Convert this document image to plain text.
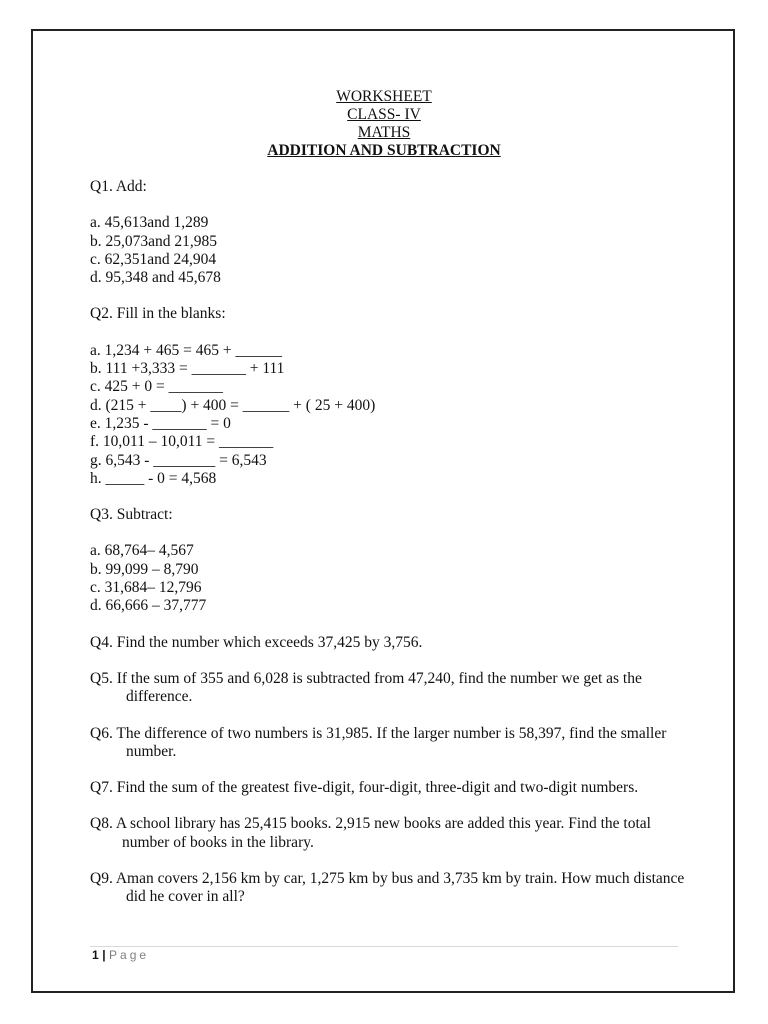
WORKSHEET
CLASS- IV
MATHS
ADDITION AND SUBTRACTION
Q1. Add:
a. 45,613and 1,289
b. 25,073and 21,985
c. 62,351and 24,904
d. 95,348 and 45,678
Q2. Fill in the blanks:
a. 1,234 + 465 = 465 + ______
b. 111 +3,333 = _______ + 111
c. 425 + 0 = _______
d. (215 + ____) + 400 = ______ + ( 25 + 400)
e. 1,235 - _______ = 0
f. 10,011 – 10,011 = _______
g. 6,543 - ________ = 6,543
h. _____ - 0 = 4,568
Q3. Subtract:
a. 68,764– 4,567
b. 99,099 – 8,790
c. 31,684– 12,796
d. 66,666 – 37,777
Q4. Find the number which exceeds 37,425 by 3,756.
Q5. If the sum of 355 and 6,028 is subtracted from 47,240, find the number we get as the difference.
Q6. The difference of two numbers is 31,985. If the larger number is 58,397, find the smaller number.
Q7. Find the sum of the greatest five-digit, four-digit, three-digit and two-digit numbers.
Q8. A school library has 25,415 books. 2,915 new books are added this year. Find the total number of books in the library.
Q9. Aman covers 2,156 km by car, 1,275 km by bus and 3,735 km by train. How much distance did he cover in all?
1 | Page
